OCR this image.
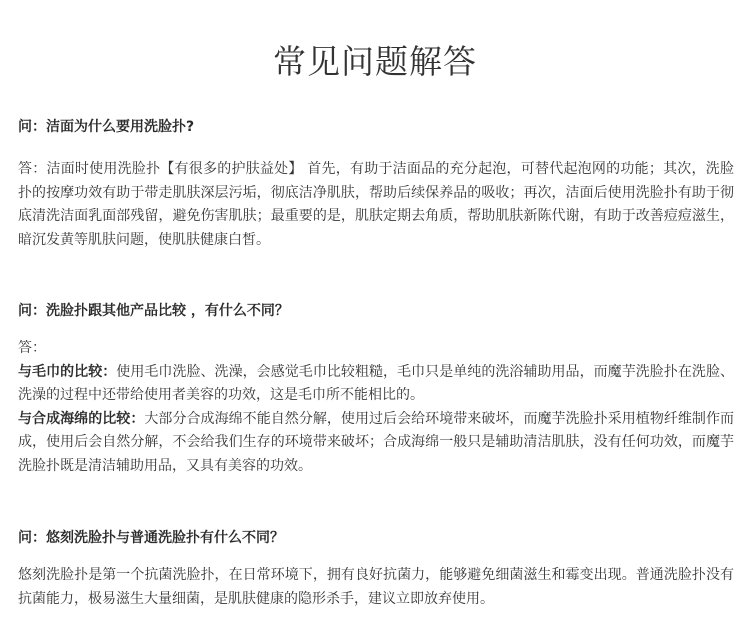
常见问题解答

问：洁面为什么要用洗脸扑?

答：洁面时使用洗脸扑【有很多的护肤益处】 首先，有助于洁面品的充分起泡，可替代起泡网的功能；其次，洗脸扑的按摩功效有助于带走肌肤深层污垢，彻底洁净肌肤，帮助后续保养品的吸收；再次，洁面后使用洗脸扑有助于彻底清洗洁面乳面部残留，避免伤害肌肤；最重要的是，肌肤定期去角质，帮助肌肤新陈代谢，有助于改善痘痘滋生，暗沉发黄等肌肤问题，使肌肤健康白皙。

问：洗脸扑跟其他产品比较 ，有什么不同？

答：

与毛巾的比较：使用毛巾洗脸、洗澡，会感觉毛巾比较粗糙，毛巾只是单纯的洗浴辅助用品，而魔芋洗脸扑在洗脸、洗澡的过程中还带给使用者美容的功效，这是毛巾所不能相比的。

与合成海绵的比较：大部分合成海绵不能自然分解，使用过后会给环境带来破坏，而魔芋洗脸扑采用植物纤维制作而成，使用后会自然分解，不会给我们生存的环境带来破坏；合成海绵一般只是辅助清洁肌肤，没有任何功效，而魔芋洗脸扑既是清洁辅助用品，又具有美容的功效。

问：悠刻洗脸扑与普通洗脸扑有什么不同？

悠刻洗脸扑是第一个抗菌洗脸扑，在日常环境下，拥有良好抗菌力，能够避免细菌滋生和霉变出现。普通洗脸扑没有抗菌能力，极易滋生大量细菌，是肌肤健康的隐形杀手，建议立即放弃使用。
